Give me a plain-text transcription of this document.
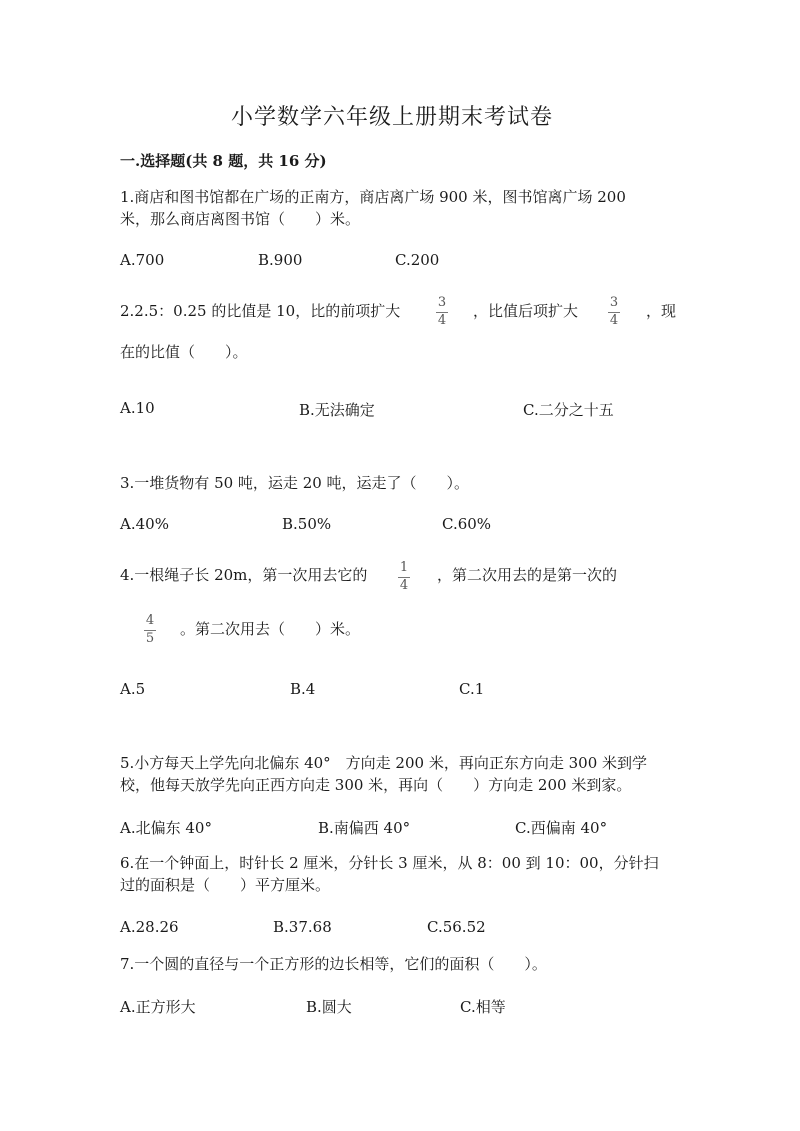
小学数学六年级上册期末考试卷
一.选择题(共 8 题，共 16 分)
1.商店和图书馆都在广场的正南方，商店离广场 900 米，图书馆离广场 200
米，那么商店离图书馆（　　）米。
A.700	B.900	C.200
2.2.5：0.25 的比值是 10，比的前项扩大	3
4
，比值后项扩大 3
4
，现
在的比值（　　）。
A.10	B.无法确定	C.二分之十五
3.一堆货物有 50 吨，运走 20 吨，运走了（　　）。
A.40%	B.50%	C.60%
4.一根绳子长 20m，第一次用去它的 1
4
，第二次用去的是第一次的
4
5
。第二次用去（　　）米。
A.5	B.4	C.1
5.小方每天上学先向北偏东 40°　方向走 200 米，再向正东方向走 300 米到学
校，他每天放学先向正西方向走 300 米，再向（　　）方向走 200 米到家。
A.北偏东 40°	B.南偏西 40°	C.西偏南 40°
6.在一个钟面上，时针长 2 厘米，分针长 3 厘米，从 8：00 到 10：00，分针扫
过的面积是（　　）平方厘米。
A.28.26	B.37.68	C.56.52
7.一个圆的直径与一个正方形的边长相等，它们的面积（　　）。
A.正方形大	B.圆大	C.相等
